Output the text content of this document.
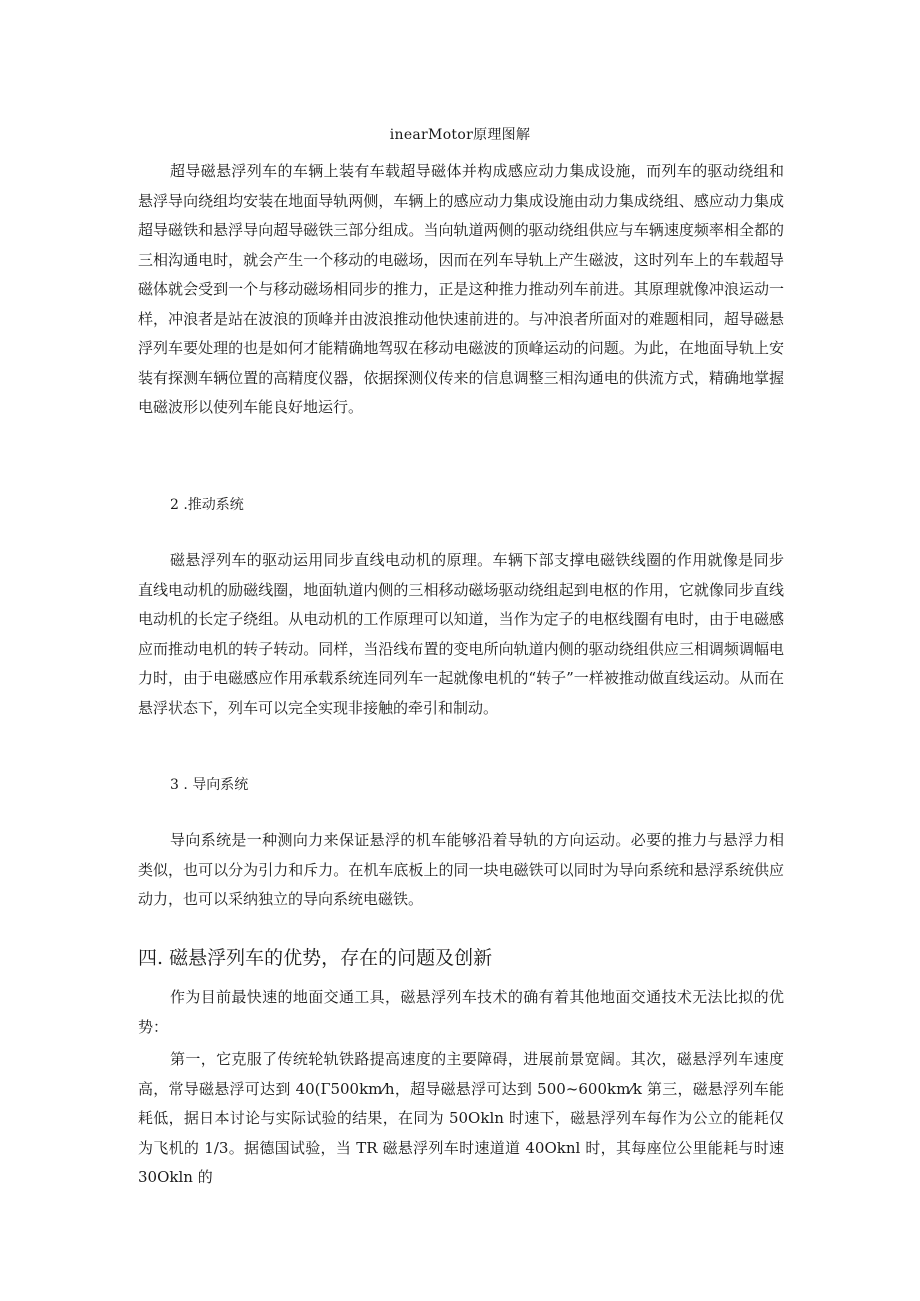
inearMotor原理图解

超导磁悬浮列车的车辆上装有车载超导磁体并构成感应动力集成设施，而列车的驱动绕组和悬浮导向绕组均安装在地面导轨两侧，车辆上的感应动力集成设施由动力集成绕组、感应动力集成超导磁铁和悬浮导向超导磁铁三部分组成。当向轨道两侧的驱动绕组供应与车辆速度频率相全都的三相沟通电时，就会产生一个移动的电磁场，因而在列车导轨上产生磁波，这时列车上的车载超导磁体就会受到一个与移动磁场相同步的推力，正是这种推力推动列车前进。其原理就像冲浪运动一样，冲浪者是站在波浪的顶峰并由波浪推动他快速前进的。与冲浪者所面对的难题相同，超导磁悬浮列车要处理的也是如何才能精确地驾驭在移动电磁波的顶峰运动的问题。为此，在地面导轨上安装有探测车辆位置的高精度仪器，依据探测仪传来的信息调整三相沟通电的供流方式，精确地掌握电磁波形以使列车能良好地运行。

2 .推动系统

磁悬浮列车的驱动运用同步直线电动机的原理。车辆下部支撑电磁铁线圈的作用就像是同步直线电动机的励磁线圈，地面轨道内侧的三相移动磁场驱动绕组起到电枢的作用，它就像同步直线电动机的长定子绕组。从电动机的工作原理可以知道，当作为定子的电枢线圈有电时，由于电磁感应而推动电机的转子转动。同样，当沿线布置的变电所向轨道内侧的驱动绕组供应三相调频调幅电力时，由于电磁感应作用承载系统连同列车一起就像电机的“转子”一样被推动做直线运动。从而在悬浮状态下，列车可以完全实现非接触的牵引和制动。

3 . 导向系统

导向系统是一种测向力来保证悬浮的机车能够沿着导轨的方向运动。必要的推力与悬浮力相类似，也可以分为引力和斥力。在机车底板上的同一块电磁铁可以同时为导向系统和悬浮系统供应动力，也可以采纳独立的导向系统电磁铁。

四. 磁悬浮列车的优势，存在的问题及创新

作为目前最快速的地面交通工具，磁悬浮列车技术的确有着其他地面交通技术无法比拟的优势：

第一，它克服了传统轮轨铁路提高速度的主要障碍，进展前景宽阔。其次，磁悬浮列车速度高，常导磁悬浮可达到 40(Г500km⁄h，超导磁悬浮可达到 500~600km⁄k 第三，磁悬浮列车能耗低，据日本讨论与实际试验的结果，在同为 50Okln 时速下，磁悬浮列车每作为公立的能耗仅为飞机的 1/3。据德国试验，当 TR 磁悬浮列车时速道道 40Oknl 时，其每座位公里能耗与时速 30Okln 的
